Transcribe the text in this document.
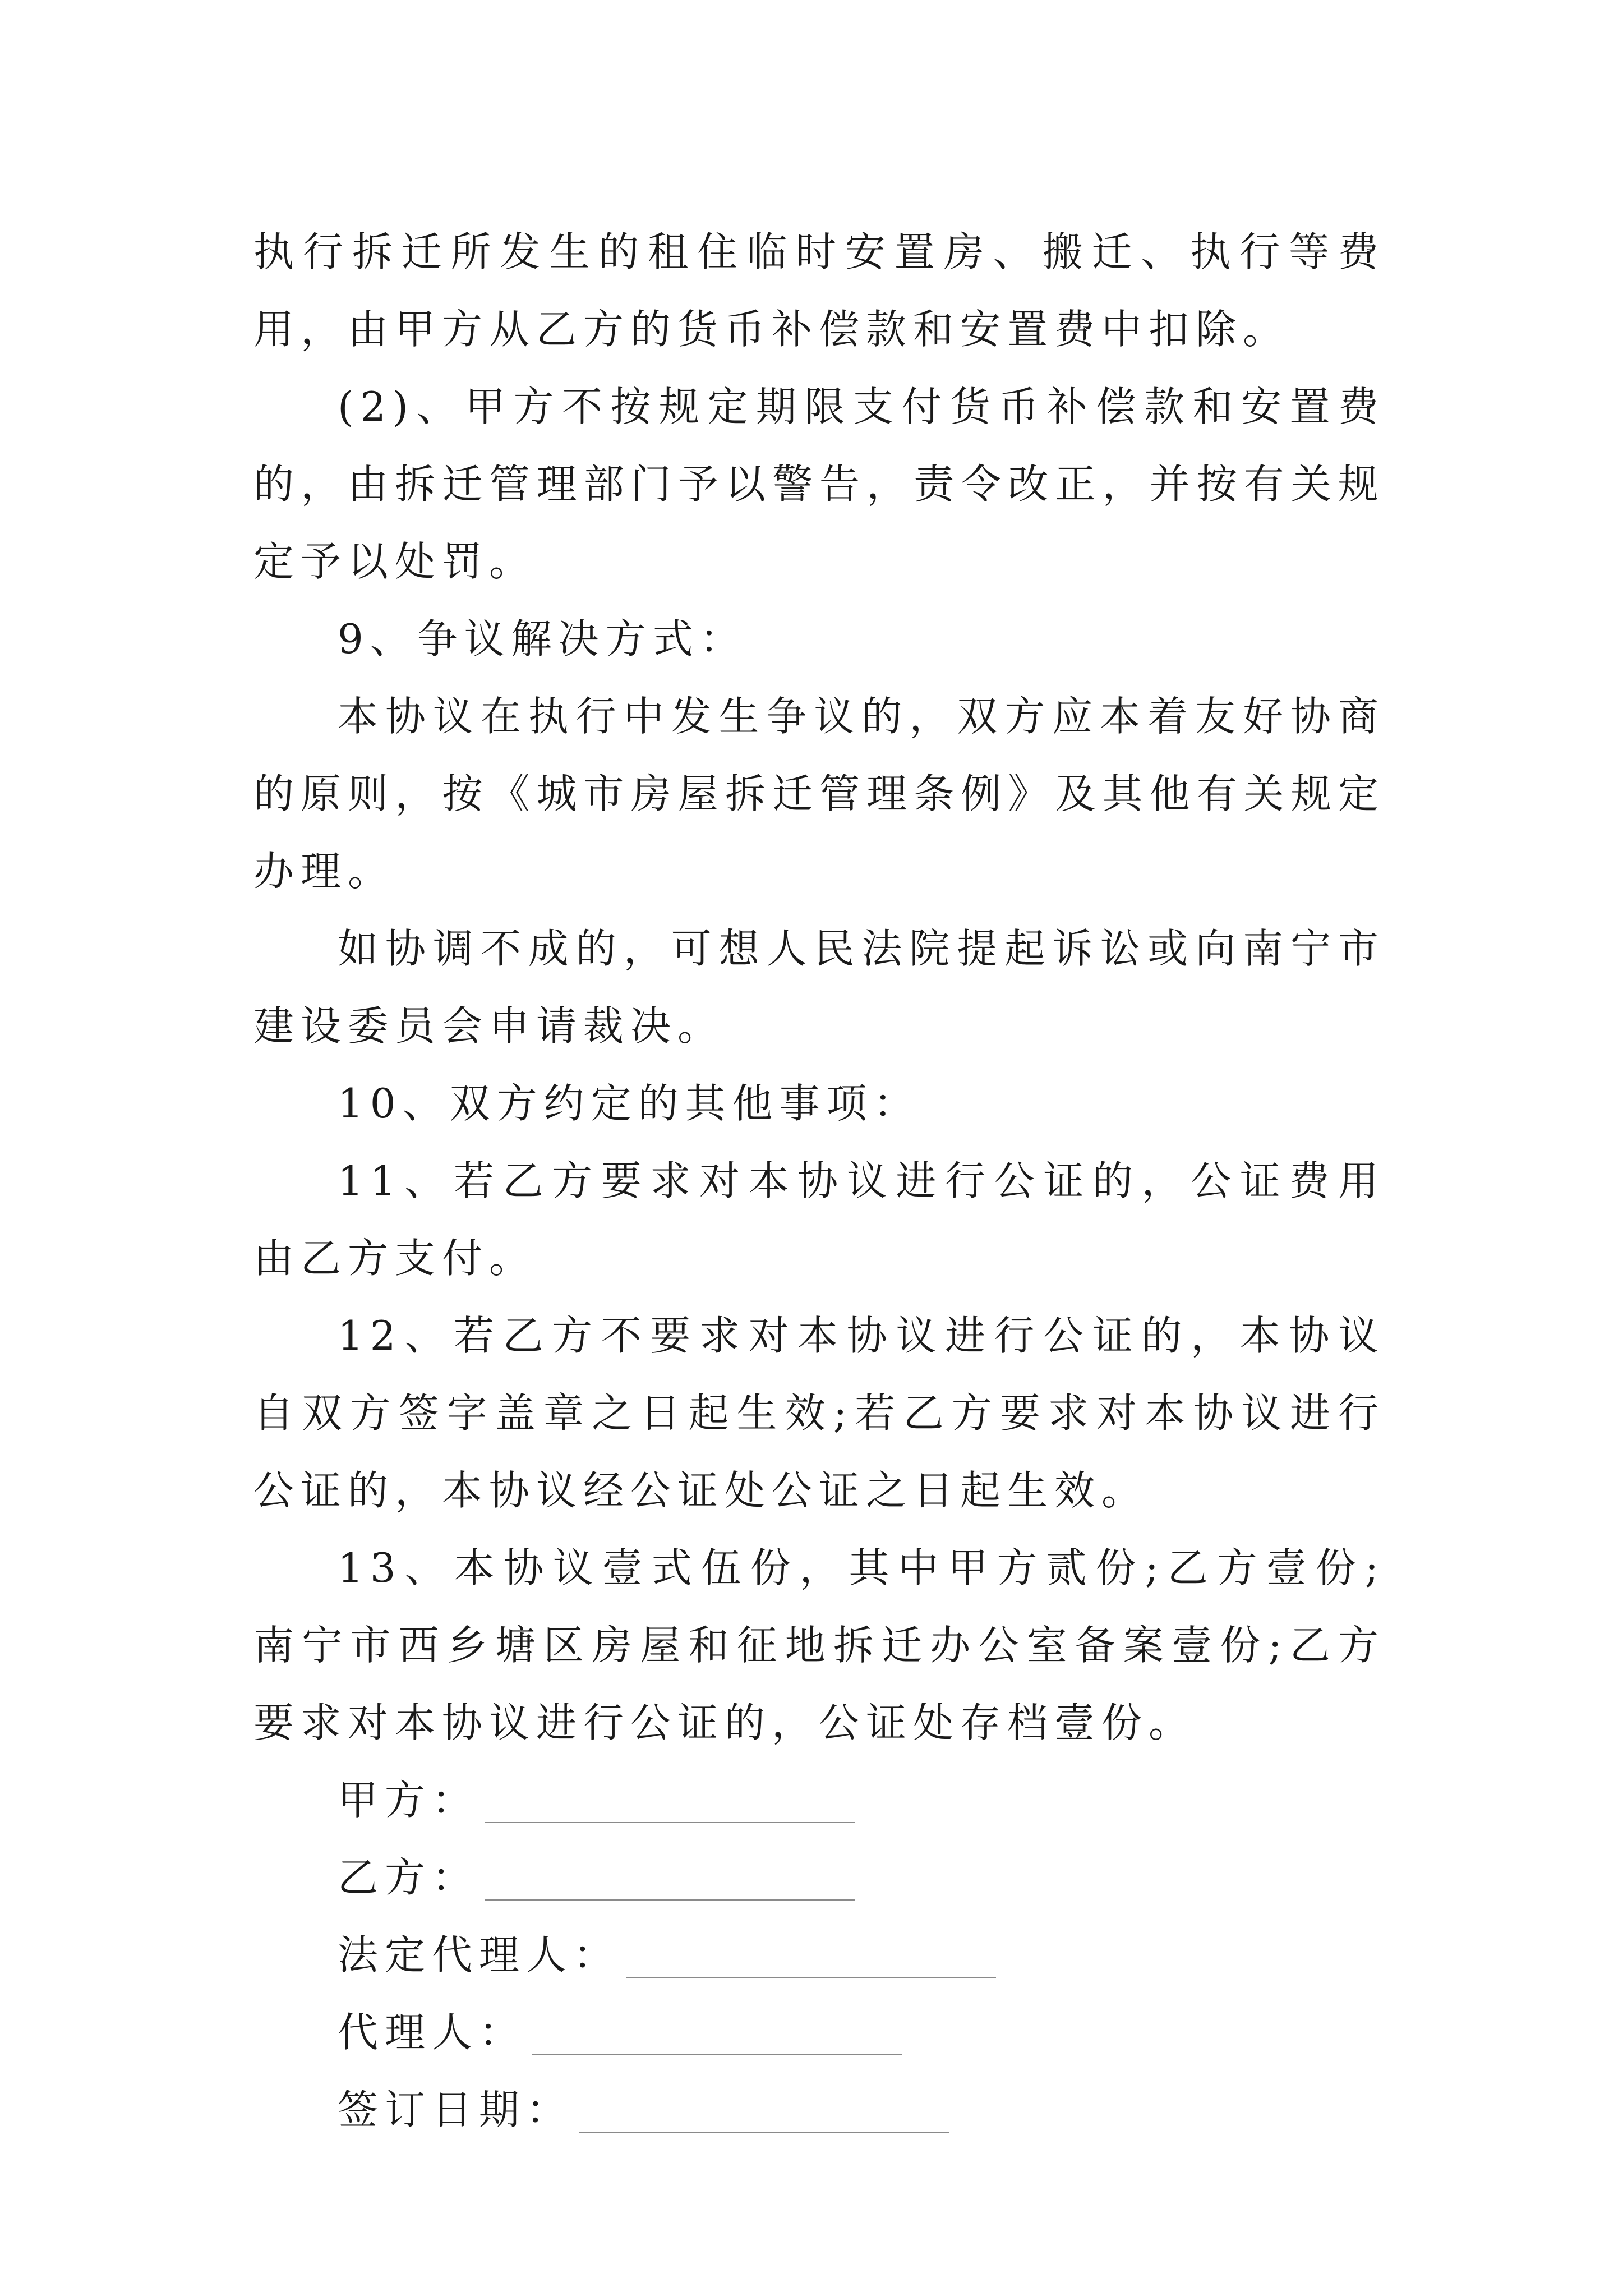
执行拆迁所发生的租住临时安置房、搬迁、执行等费用，由甲方从乙方的货币补偿款和安置费中扣除。

(2)、甲方不按规定期限支付货币补偿款和安置费的，由拆迁管理部门予以警告，责令改正，并按有关规定予以处罚。

9、争议解决方式：

本协议在执行中发生争议的，双方应本着友好协商的原则，按《城市房屋拆迁管理条例》及其他有关规定办理。

如协调不成的，可想人民法院提起诉讼或向南宁市建设委员会申请裁决。

10、双方约定的其他事项：

11、若乙方要求对本协议进行公证的，公证费用由乙方支付。

12、若乙方不要求对本协议进行公证的，本协议自双方签字盖章之日起生效;若乙方要求对本协议进行公证的，本协议经公证处公证之日起生效。

13、本协议壹式伍份，其中甲方贰份;乙方壹份;南宁市西乡塘区房屋和征地拆迁办公室备案壹份;乙方要求对本协议进行公证的，公证处存档壹份。

甲方：
乙方：
法定代理人：
代理人：
签订日期：
